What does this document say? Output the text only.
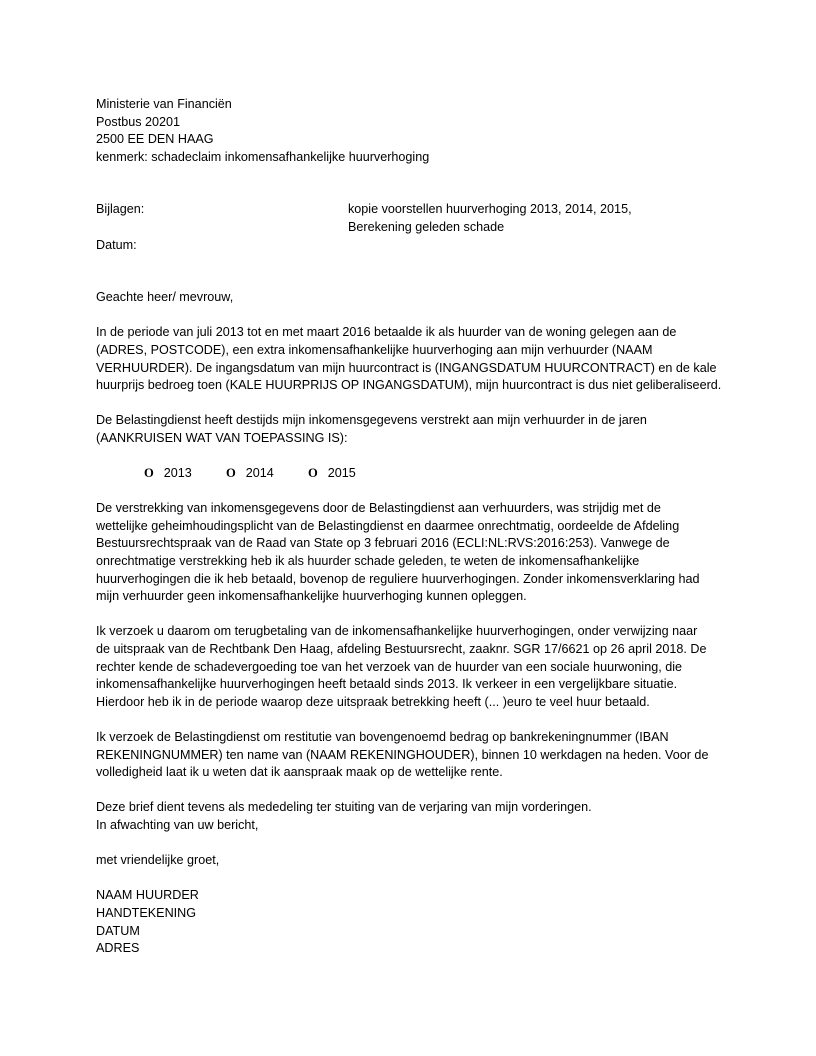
Ministerie van Financiën
Postbus 20201
2500 EE DEN HAAG
kenmerk: schadeclaim inkomensafhankelijke huurverhoging
Bijlagen:	kopie voorstellen huurverhoging 2013, 2014, 2015,
Berekening geleden schade
Datum:
Geachte heer/ mevrouw,

In de periode van juli 2013 tot en met maart 2016 betaalde ik als huurder van de woning gelegen aan de

(ADRES, POSTCODE), een extra inkomensafhankelijke huurverhoging aan mijn verhuurder (NAAM

VERHUURDER). De ingangsdatum van mijn huurcontract is (INGANGSDATUM HUURCONTRACT) en de kale

huurprijs bedroeg toen (KALE HUURPRIJS OP INGANGSDATUM), mijn huurcontract is dus niet geliberaliseerd.

De Belastingdienst heeft destijds mijn inkomensgegevens verstrekt aan mijn verhuurder in de jaren

(AANKRUISEN WAT VAN TOEPASSING IS):

O 2013	O 2014	O 2015

De verstrekking van inkomensgegevens door de Belastingdienst aan verhuurders, was strijdig met de

wettelijke geheimhoudingsplicht van de Belastingdienst en daarmee onrechtmatig, oordeelde de Afdeling

Bestuursrechtspraak van de Raad van State op 3 februari 2016 (ECLI:NL:RVS:2016:253). Vanwege de

onrechtmatige verstrekking heb ik als huurder schade geleden, te weten de inkomensafhankelijke

huurverhogingen die ik heb betaald, bovenop de reguliere huurverhogingen. Zonder inkomensverklaring had

mijn verhuurder geen inkomensafhankelijke huurverhoging kunnen opleggen.

Ik verzoek u daarom om terugbetaling van de inkomensafhankelijke huurverhogingen, onder verwijzing naar

de uitspraak van de Rechtbank Den Haag, afdeling Bestuursrecht, zaaknr. SGR 17/6621 op 26 april 2018. De

rechter kende de schadevergoeding toe van het verzoek van de huurder van een sociale huurwoning, die

inkomensafhankelijke huurverhogingen heeft betaald sinds 2013. Ik verkeer in een vergelijkbare situatie.

Hierdoor heb ik in de periode waarop deze uitspraak betrekking heeft (... )euro te veel huur betaald.

Ik verzoek de Belastingdienst om restitutie van bovengenoemd bedrag op bankrekeningnummer (IBAN

REKENINGNUMMER) ten name van (NAAM REKENINGHOUDER), binnen 10 werkdagen na heden. Voor de

volledigheid laat ik u weten dat ik aanspraak maak op de wettelijke rente.

Deze brief dient tevens als mededeling ter stuiting van de verjaring van mijn vorderingen.

In afwachting van uw bericht,

met vriendelijke groet,
NAAM HUURDER
HANDTEKENING
DATUM
ADRES
